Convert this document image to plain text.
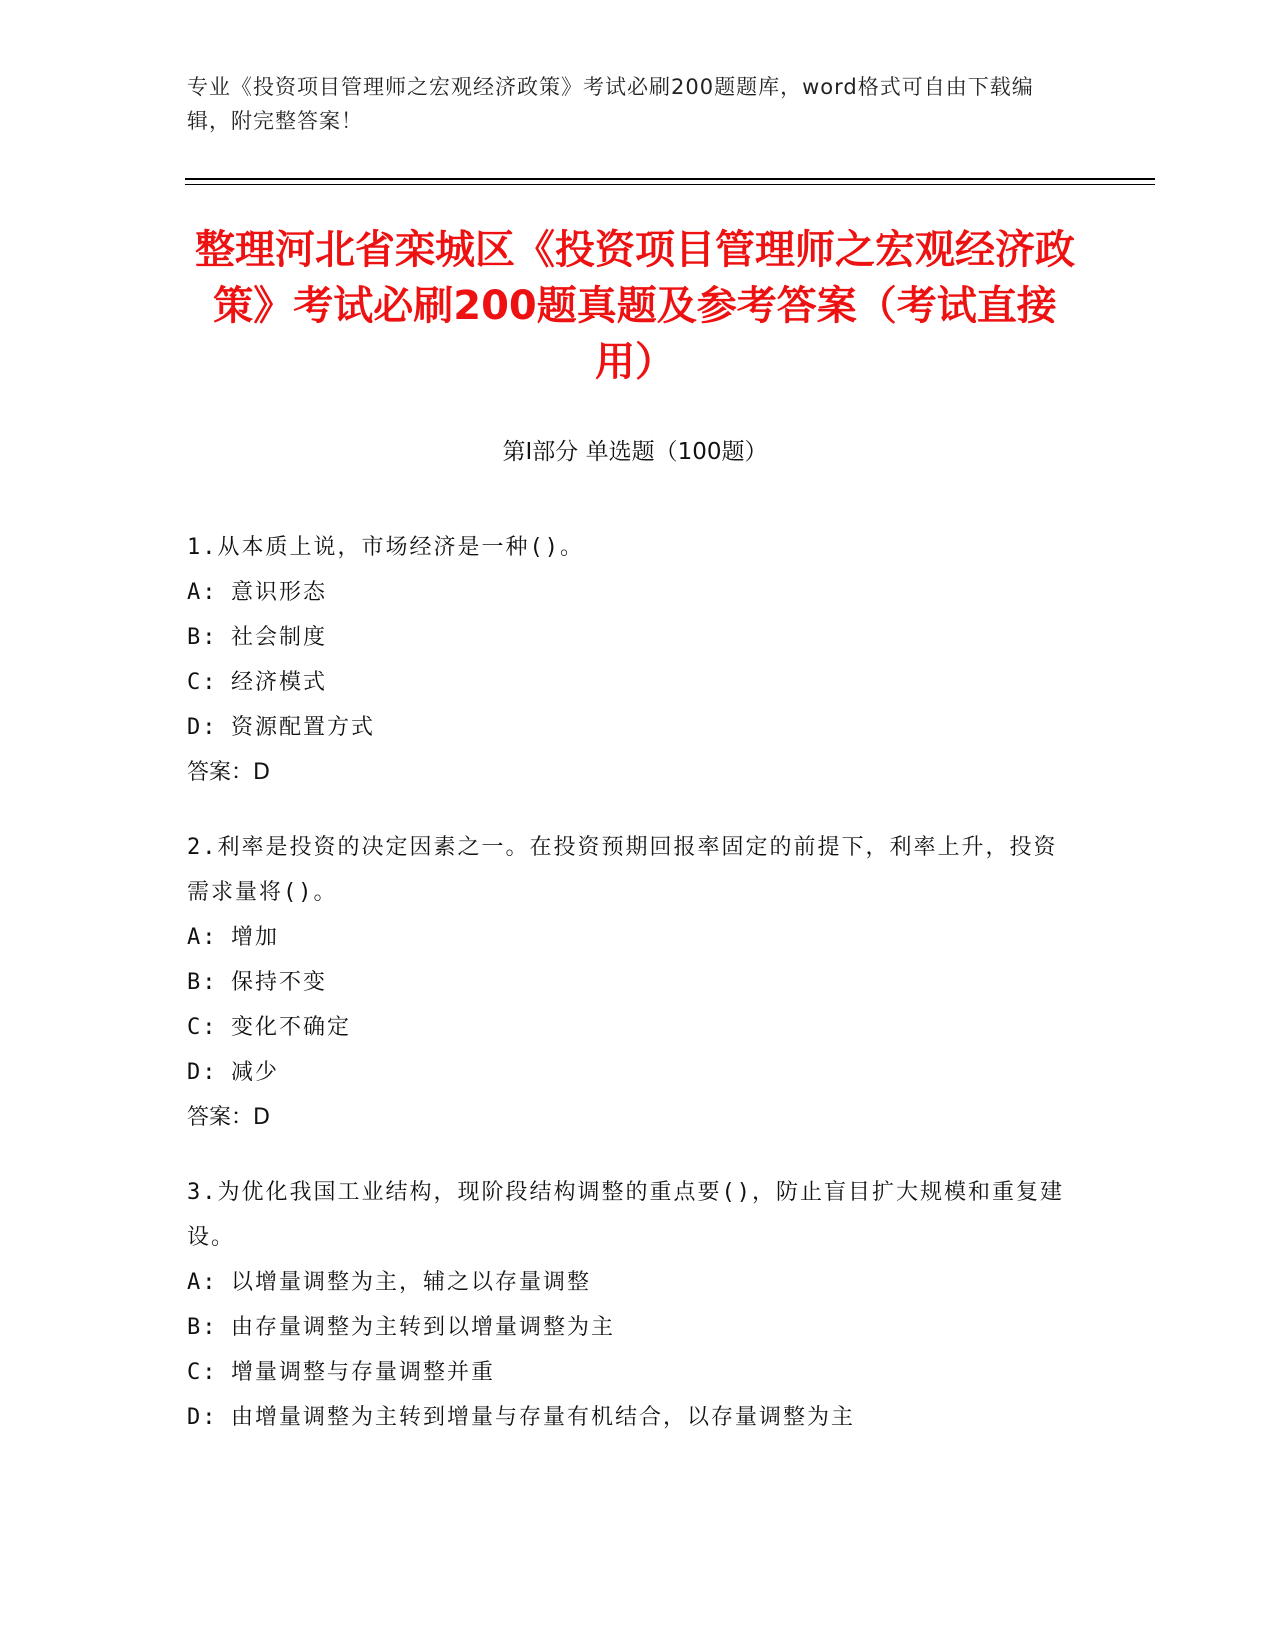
专业《投资项目管理师之宏观经济政策》考试必刷200题题库，word格式可自由下载编辑，附完整答案！
整理河北省栾城区《投资项目管理师之宏观经济政策》考试必刷200题真题及参考答案（考试直接用）
第Ⅰ部分 单选题（100题）
1.从本质上说，市场经济是一种()。
A: 意识形态
B: 社会制度
C: 经济模式
D: 资源配置方式
答案：D
2.利率是投资的决定因素之一。在投资预期回报率固定的前提下，利率上升，投资需求量将()。
A: 增加
B: 保持不变
C: 变化不确定
D: 减少
答案：D
3.为优化我国工业结构，现阶段结构调整的重点要()，防止盲目扩大规模和重复建设。
A: 以增量调整为主，辅之以存量调整
B: 由存量调整为主转到以增量调整为主
C: 增量调整与存量调整并重
D: 由增量调整为主转到增量与存量有机结合，以存量调整为主
